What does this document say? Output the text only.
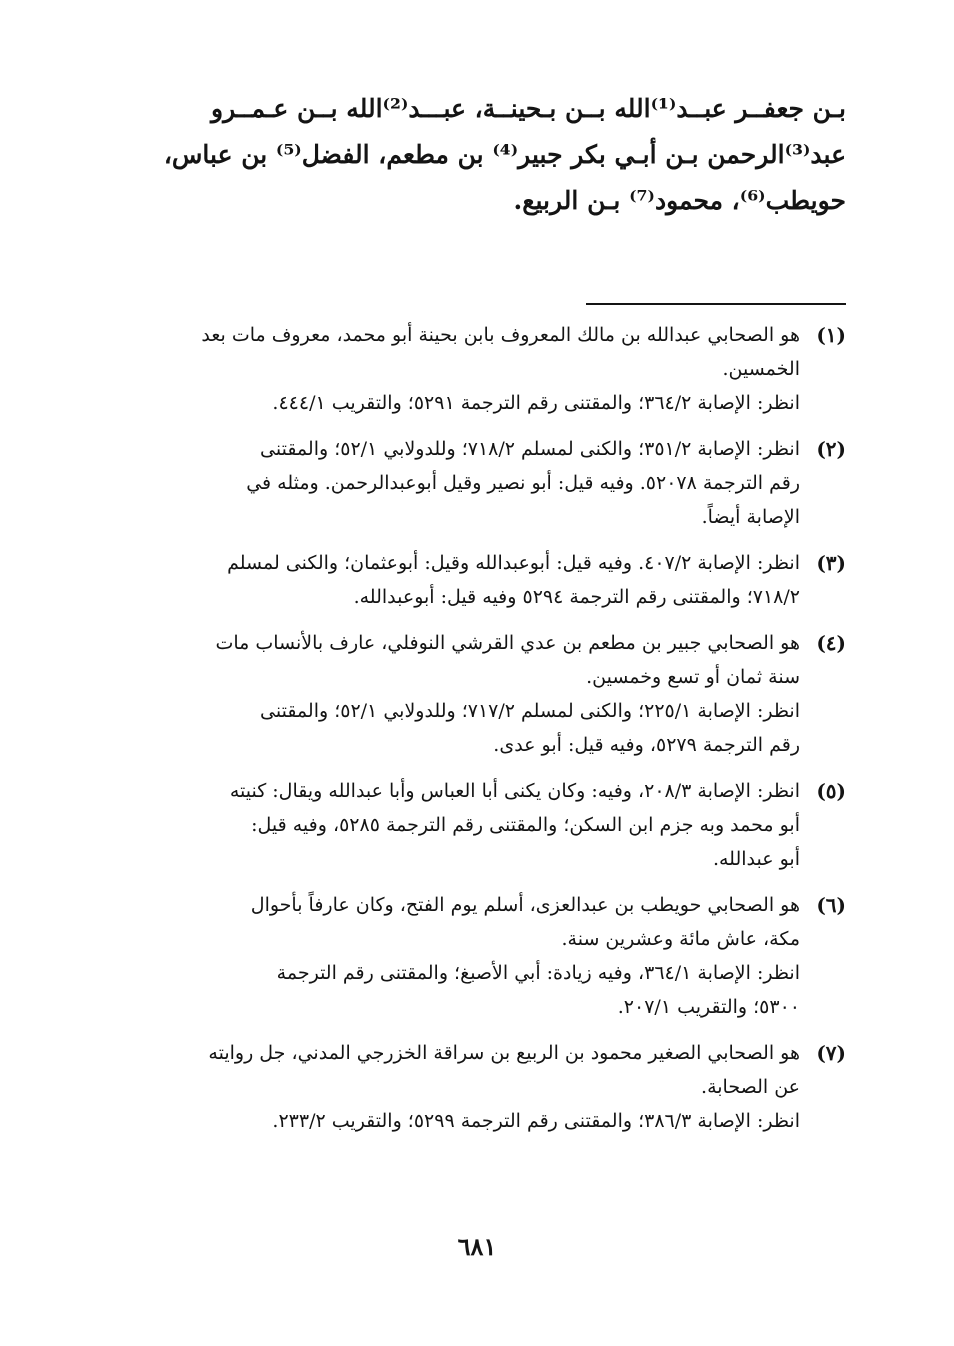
بـن جعفــر عبــد⁽¹⁾الله بــن بـحينــة، عبـــد⁽²⁾الله بــن عـمــرو
عبد⁽³⁾الرحمن بـن أبـي بكر جبير⁽⁴⁾ بن مطعم، الفضل⁽⁵⁾ بن عباس،
حويطب⁽⁶⁾، محمود⁽⁷⁾ بـن الربيع.
(١)
هو الصحابي عبدالله بن مالك المعروف بابن بحينة أبو محمد، معروف مات بعد
الخمسين.
انظر: الإصابة ٣٦٤/٢؛ والمقتنى رقم الترجمة ٥٢٩١؛ والتقريب ٤٤٤/١.
(٢)
انظر: الإصابة ٣٥١/٢؛ والكنى لمسلم ٧١٨/٢؛ وللدولابي ٥٢/١؛ والمقتنى
رقم الترجمة ٥٢٠٧٨. وفيه قيل: أبو نصير وقيل أبوعبدالرحمن. ومثله في
الإصابة أيضاً.
(٣)
انظر: الإصابة ٤٠٧/٢. وفيه قيل: أبوعبدالله وقيل: أبوعثمان؛ والكنى لمسلم
٧١٨/٢؛ والمقتنى رقم الترجمة ٥٢٩٤ وفيه قيل: أبوعبدالله.
(٤)
هو الصحابي جبير بن مطعم بن عدي القرشي النوفلي، عارف بالأنساب مات
سنة ثمان أو تسع وخمسين.
انظر: الإصابة ٢٢٥/١؛ والكنى لمسلم ٧١٧/٢؛ وللدولابي ٥٢/١؛ والمقتنى
رقم الترجمة ٥٢٧٩، وفيه قيل: أبو عدى.
(٥)
انظر: الإصابة ٢٠٨/٣، وفيه: وكان يكنى أبا العباس وأبا عبدالله ويقال: كنيته
أبو محمد وبه جزم ابن السكن؛ والمقتنى رقم الترجمة ٥٢٨٥، وفيه قيل:
أبو عبدالله.
(٦)
هو الصحابي حويطب بن عبدالعزى، أسلم يوم الفتح، وكان عارفاً بأحوال
مكة، عاش مائة وعشرين سنة.
انظر: الإصابة ٣٦٤/١، وفيه زيادة: أبي الأصبغ؛ والمقتنى رقم الترجمة
٥٣٠٠؛ والتقريب ٢٠٧/١.
(٧)
هو الصحابي الصغير محمود بن الربيع بن سراقة الخزرجي المدني، جل روايته
عن الصحابة.
انظر: الإصابة ٣٨٦/٣؛ والمقتنى رقم الترجمة ٥٢٩٩؛ والتقريب ٢٣٣/٢.
٦٨١
